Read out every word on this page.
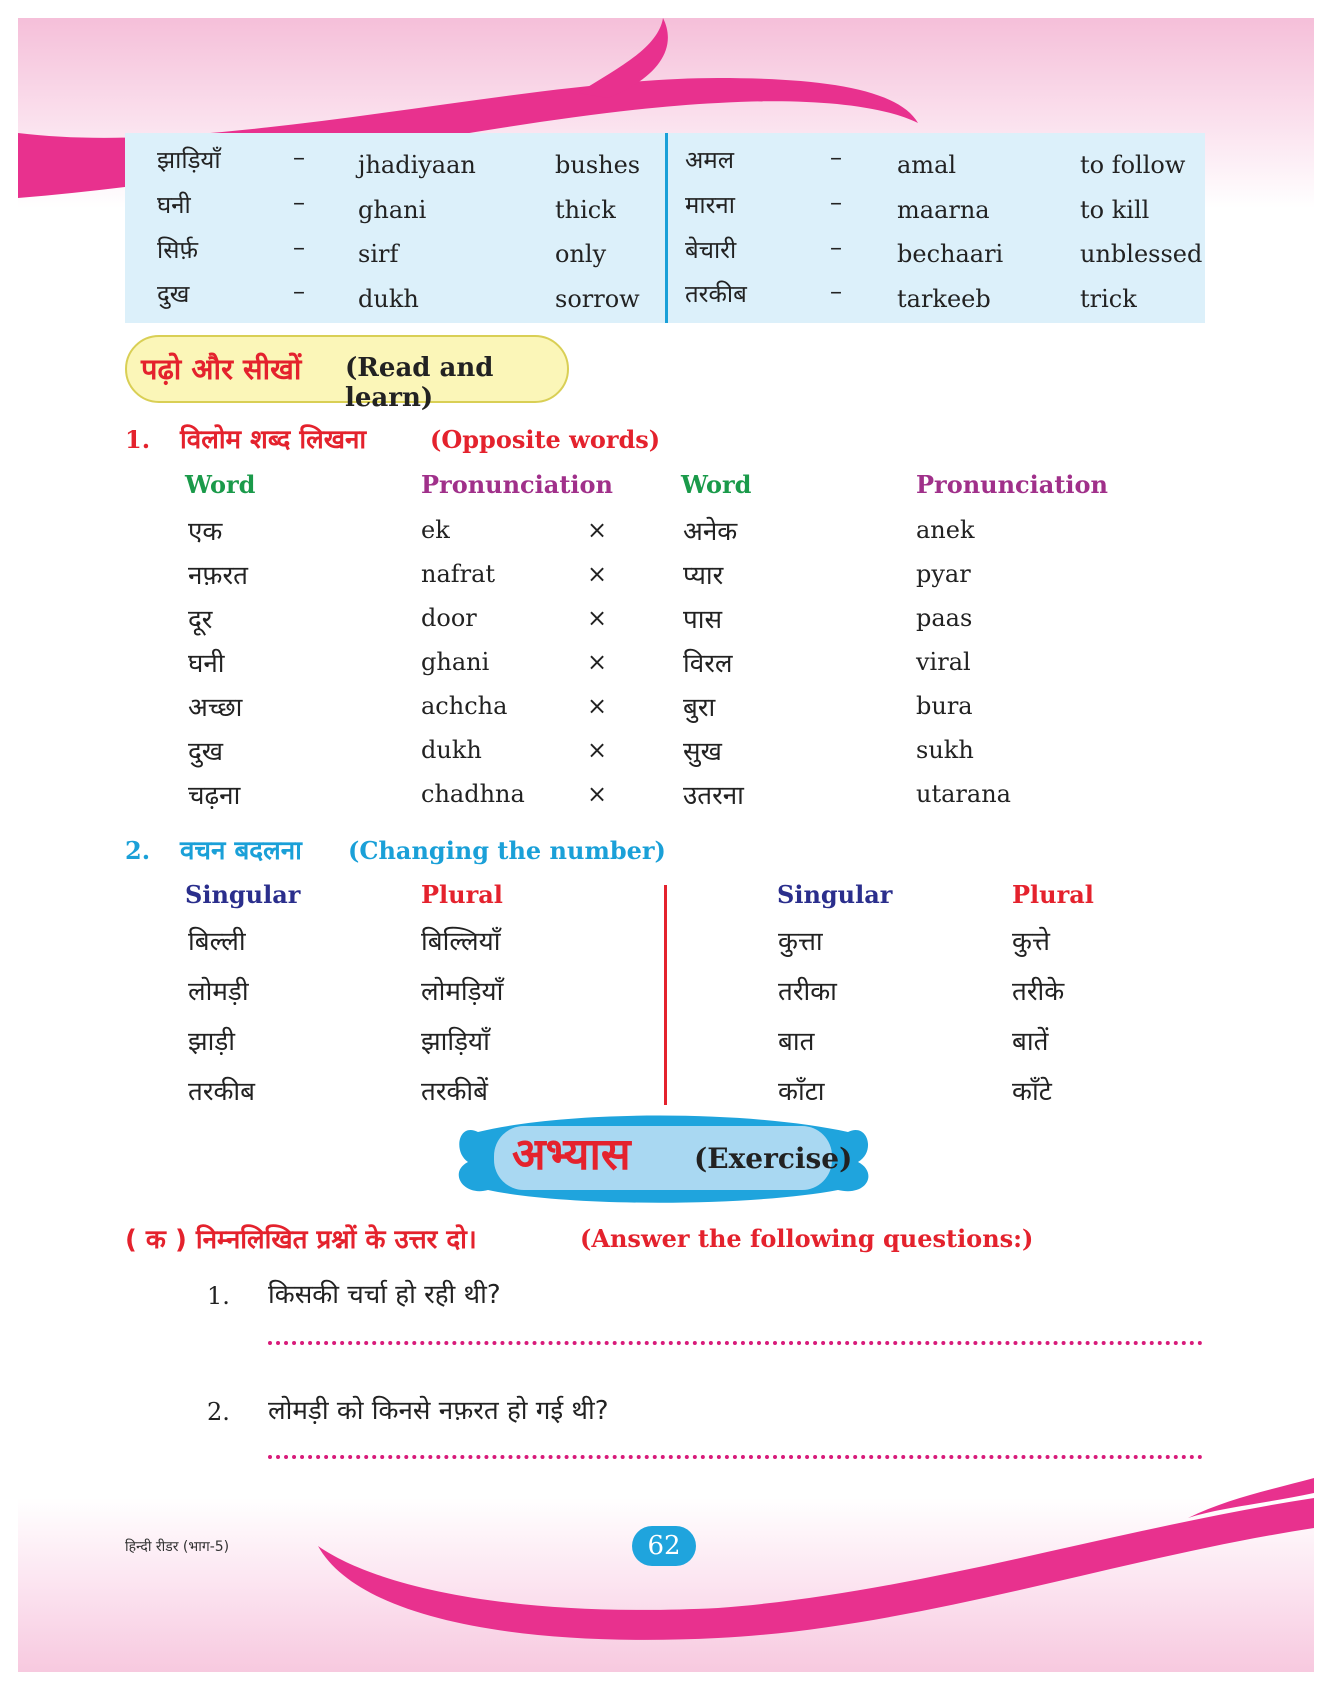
झाड़ियाँ	– jhadiyaan	bushes
घनी	– ghani	thick
सिर्फ़	– sirf	only
दुख	– dukh	sorrow
अमल	– amal	to follow
मारना	– maarna	to kill
बेचारी	– bechaari	unblessed
तरकीब	– tarkeeb	trick
पढ़ो और सीखों (Read and learn)
1. विलोम शब्द लिखना	(Opposite words)
Word	Pronunciation	Word	Pronunciation
एक	ek	×	अनेक	anek
नफ़रत	nafrat	×	प्यार	pyar
दूर	door	×	पास	paas
घनी	ghani	×	विरल	viral
अच्छा	achcha	×	बुरा	bura
दुख	dukh	×	सुख	sukh
चढ़ना	chadhna	×	उतरना	utarana
2. वचन बदलना (Changing the number)
Singular	Plural	Singular	Plural
बिल्ली	बिल्लियाँ	कुत्ता	कुत्ते
लोमड़ी	लोमड़ियाँ	तरीका	तरीके
झाड़ी	झाड़ियाँ	बात	बातें
तरकीब	तरकीबें	काँटा	काँटे
अभ्यास (Exercise)
( क ) निम्नलिखित प्रश्नों के उत्तर दो।	(Answer the following questions:)
1. किसकी चर्चा हो रही थी?
2. लोमड़ी को किनसे नफ़रत हो गई थी?
हिन्दी रीडर (भाग-5)	62
